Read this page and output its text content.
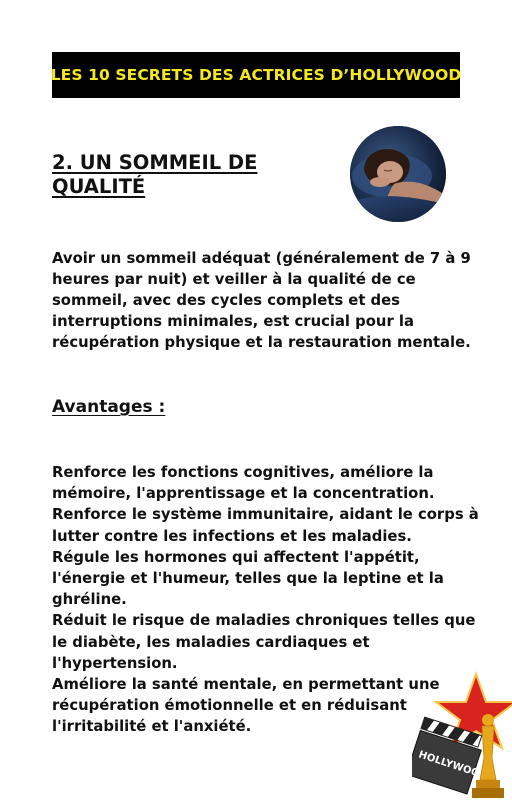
LES 10 SECRETS DES ACTRICES D’HOLLYWOOD
2. UN SOMMEIL DE QUALITÉ

Avoir un sommeil adéquat (généralement de 7 à 9 heures par nuit) et veiller à la qualité de ce sommeil, avec des cycles complets et des interruptions minimales, est crucial pour la récupération physique et la restauration mentale.

Avantages :
Renforce les fonctions cognitives, améliore la mémoire, l'apprentissage et la concentration.
Renforce le système immunitaire, aidant le corps à lutter contre les infections et les maladies.
Régule les hormones qui affectent l'appétit, l'énergie et l'humeur, telles que la leptine et la ghréline.
Réduit le risque de maladies chroniques telles que le diabète, les maladies cardiaques et l'hypertension.
Améliore la santé mentale, en permettant une récupération émotionnelle et en réduisant l'irritabilité et l'anxiété.
HOLLYWOO
